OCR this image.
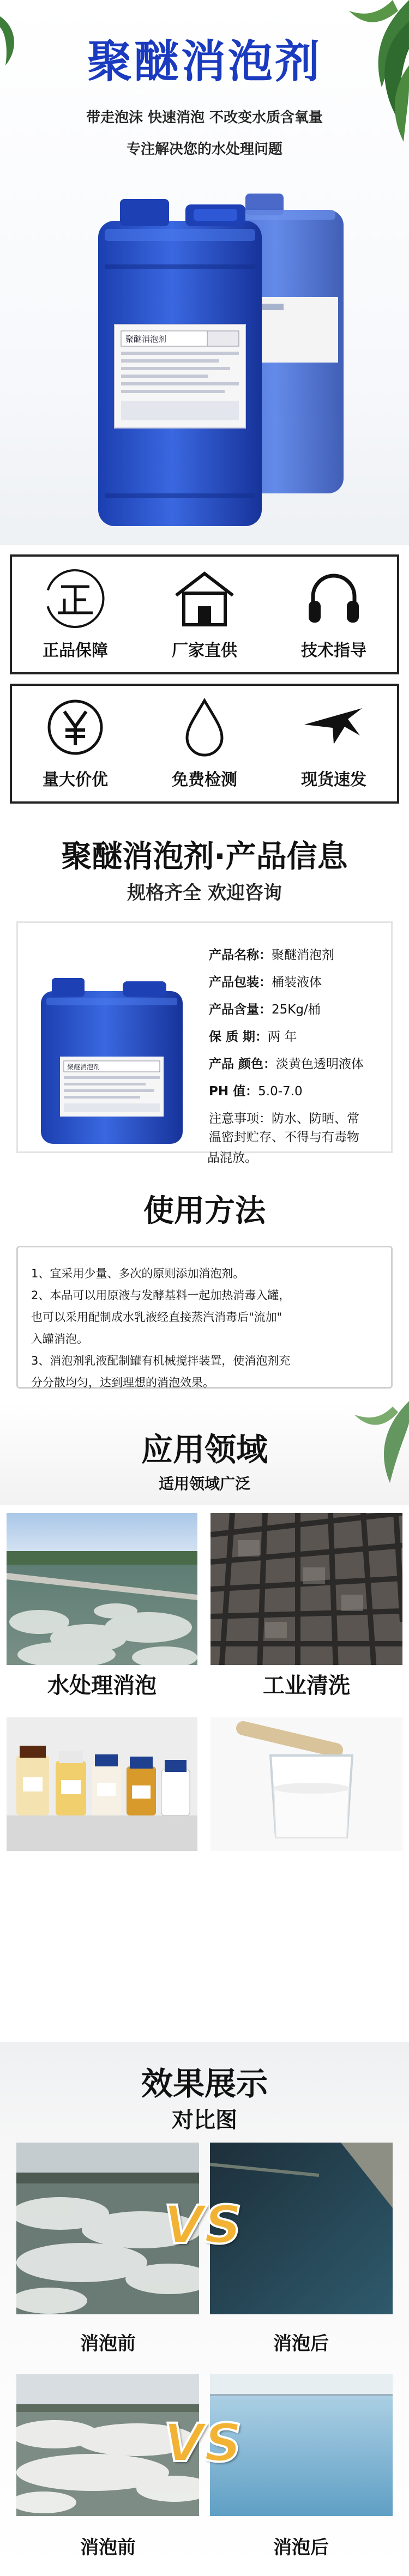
聚醚消泡剂
带走泡沫 快速消泡 不改变水质含氧量
专注解决您的水处理问题
聚醚消泡剂
正品保障	厂家直供	技术指导
量大价优	免费检测	现货速发
聚醚消泡剂·产品信息
规格齐全 欢迎咨询
聚醚消泡剂
产品名称：聚醚消泡剂
产品包装：桶装液体
产品含量：25Kg/桶
保 质 期：两 年
产品 颜色：淡黄色透明液体
PH 值：5.0-7.0
注意事项：防水、防晒、常
温密封贮存、不得与有毒物
品混放。
使用方法
1、宜采用少量、多次的原则添加消泡剂。
2、本品可以用原液与发酵基料一起加热消毒入罐，
也可以采用配制成水乳液经直接蒸汽消毒后"流加"
入罐消泡。
3、消泡剂乳液配制罐有机械搅拌装置，使消泡剂充
分分散均匀，达到理想的消泡效果。
应用领域
适用领域广泛
水处理消泡	工业清洗
效果展示
对比图
VS
消泡前	消泡后
VS
消泡前	消泡后
